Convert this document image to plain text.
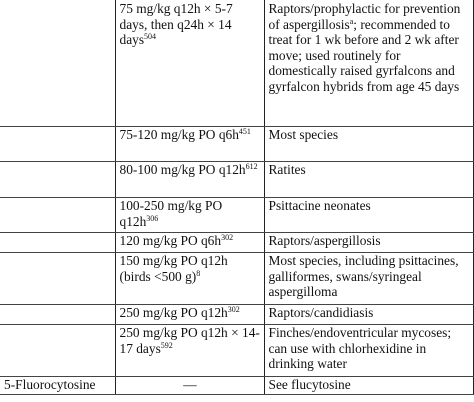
	75 mg/kg q12h × 5-7 days, then q24h × 14 days$^{504}$	Raptors/prophylactic for prevention of aspergillosis$^a$; recommended to treat for 1 wk before and 2 wk after move; used routinely for domestically raised gyrfalcons and gyrfalcon hybrids from age 45 days
	75-120 mg/kg PO $q6h^{451}$	Most species
	80-100 mg/kg PO $q12h^{612}$	Ratites
	100-250 mg/kg PO $q12h^{306}$	Psittacine neonates
	120 mg/kg PO $q6h^{302}$	Raptors/aspergillosis
	150 mg/kg PO q12h (birds <500 g)$^8$	Most species, including psittacines, galliformes, swans/syringeal aspergilloma
	250 mg/kg PO $q12h^{302}$	Raptors/candidiasis
	250 mg/kg PO q12h × 14-17 days$^{592}$	Finches/endoventricular mycoses; can use with chlorhexidine in drinking water
5-Fluorocytosine	—	See flucytosine
